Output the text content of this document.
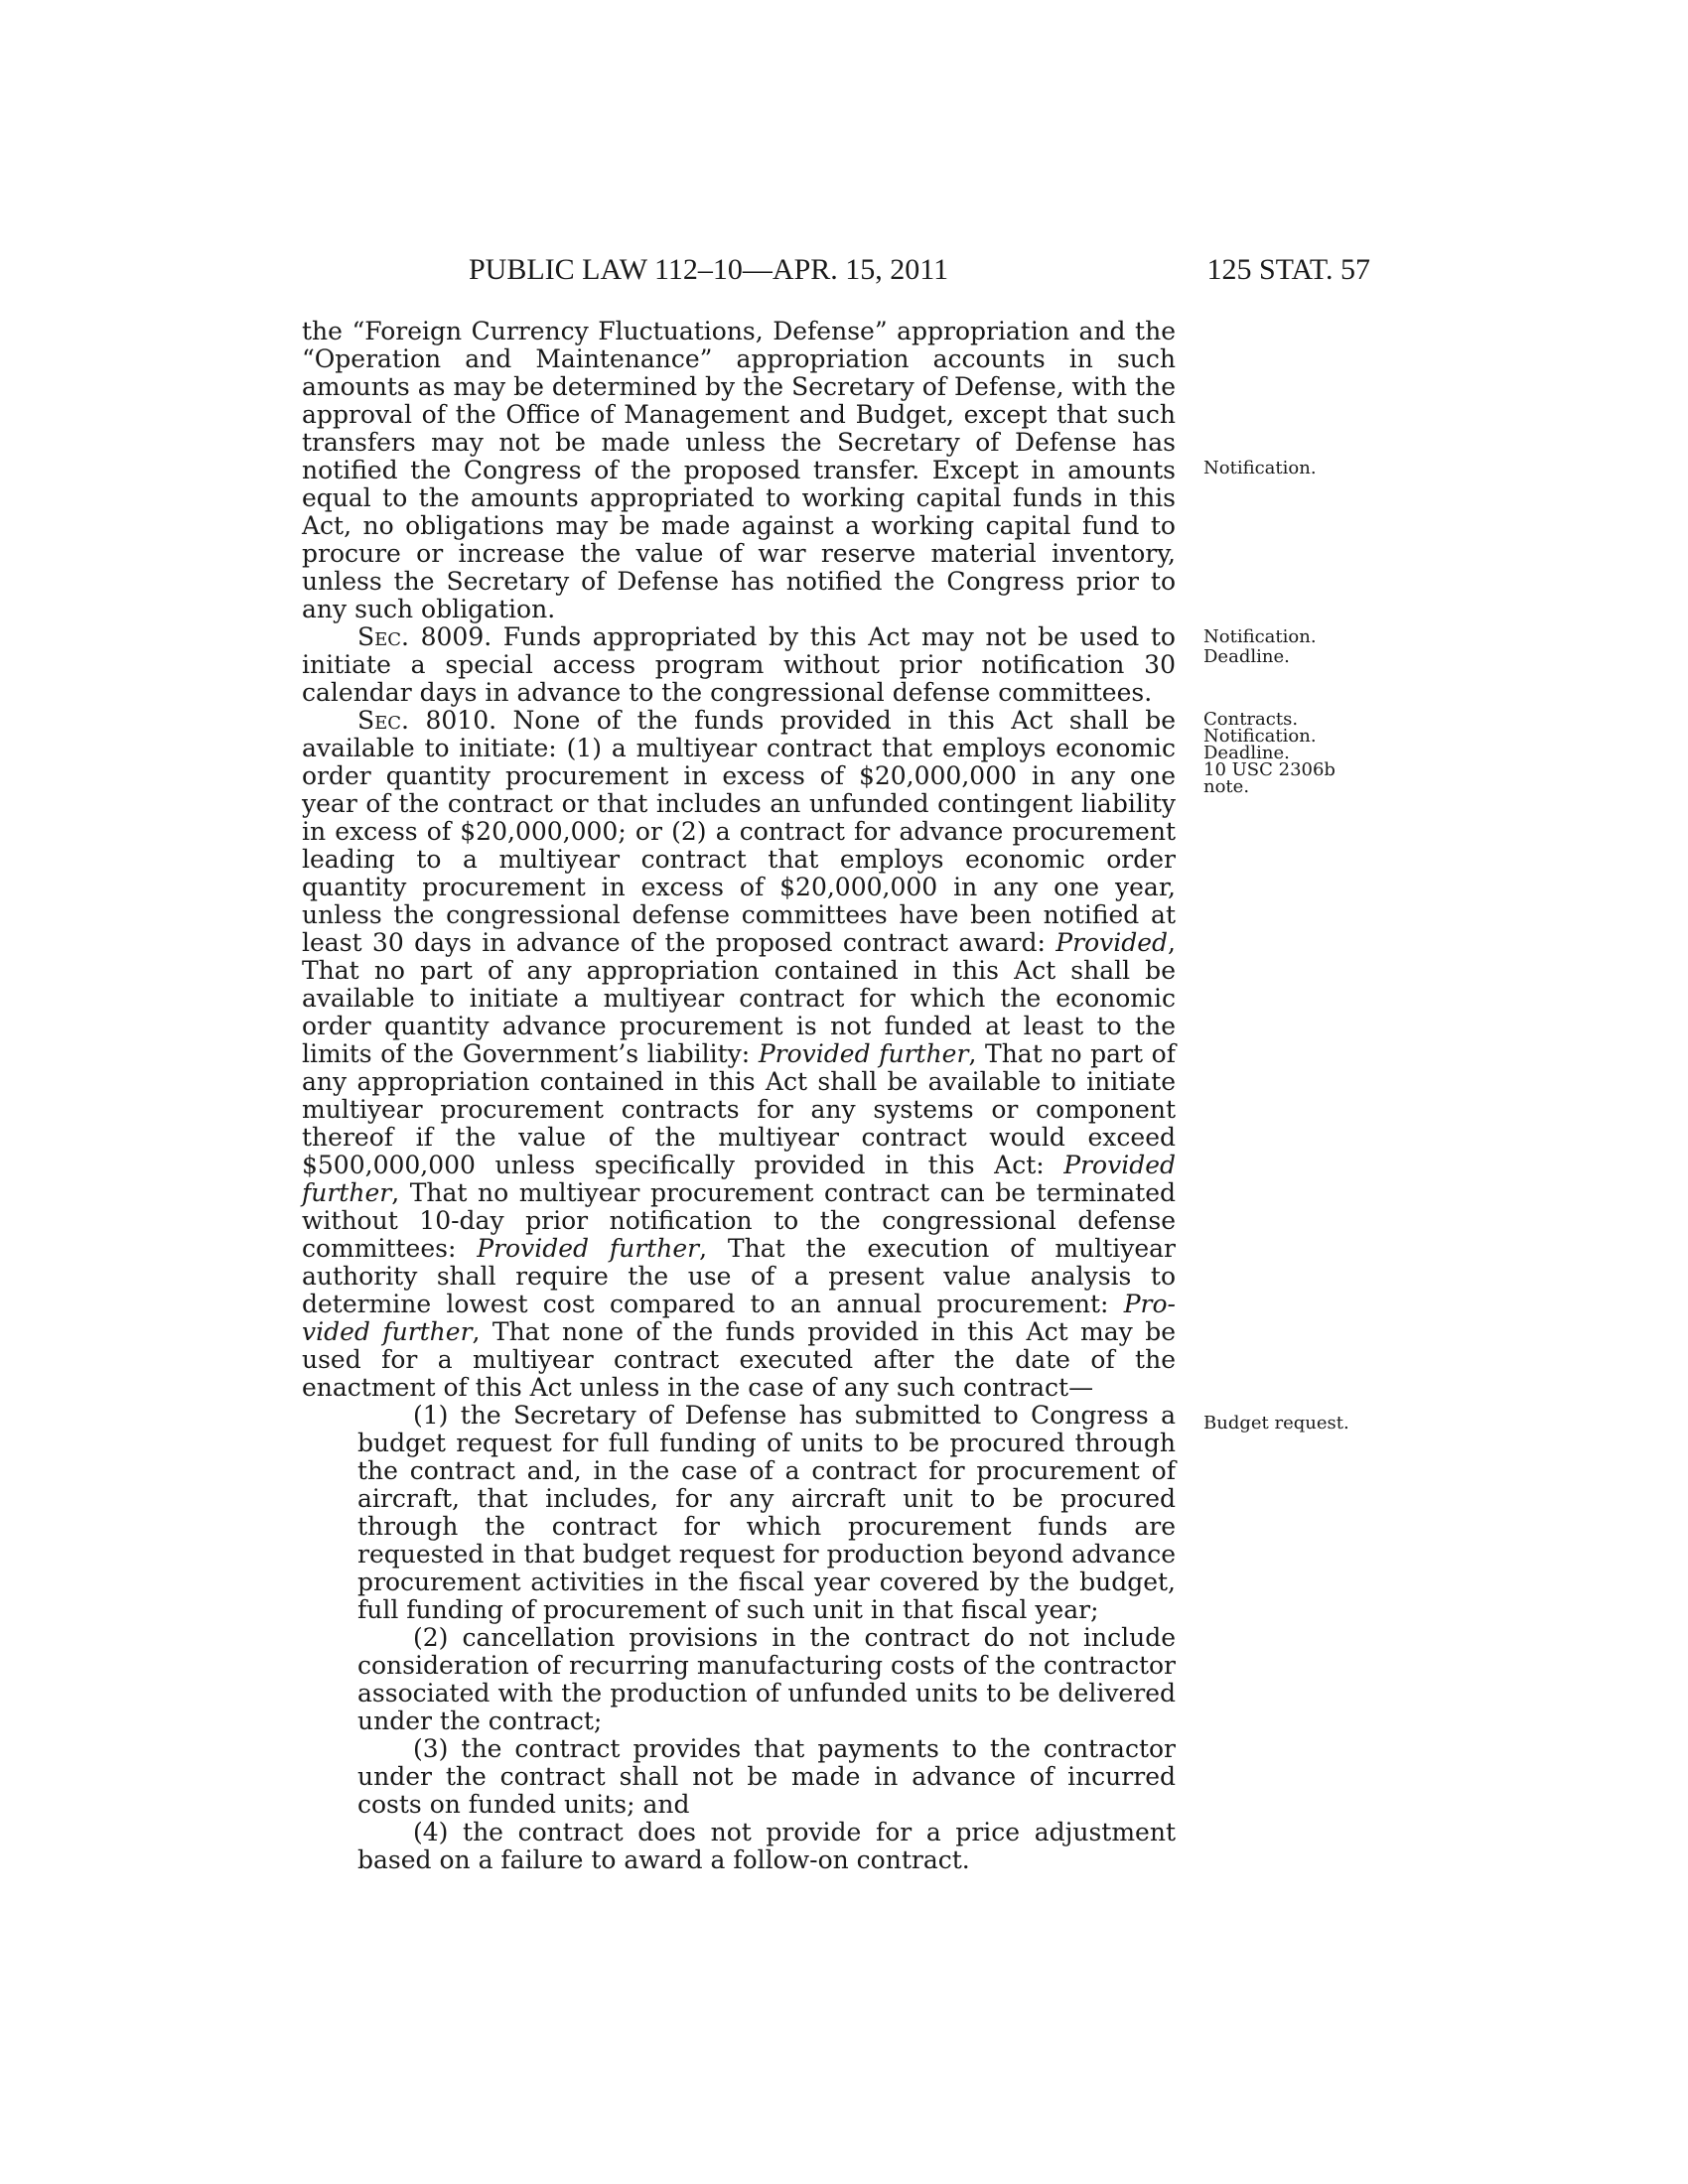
PUBLIC LAW 112–10—APR. 15, 2011	125 STAT. 57

the “Foreign Currency Fluctuations, Defense” appropriation and the “Operation and Maintenance” appropriation accounts in such amounts as may be determined by the Secretary of Defense, with the approval of the Office of Management and Budget, except that such transfers may not be made unless the Secretary of Defense has notified the Congress of the proposed transfer. Except in amounts equal to the amounts appropriated to working capital funds in this Act, no obligations may be made against a working capital fund to procure or increase the value of war reserve material inventory, unless the Secretary of Defense has notified the Congress prior to any such obligation.

Sec. 8009. Funds appropriated by this Act may not be used to initiate a special access program without prior notification 30 calendar days in advance to the congressional defense committees.

Sec. 8010. None of the funds provided in this Act shall be available to initiate: (1) a multiyear contract that employs economic order quantity procurement in excess of $20,000,000 in any one year of the contract or that includes an unfunded contingent liability in excess of $20,000,000; or (2) a contract for advance procurement leading to a multiyear contract that employs economic order quantity procurement in excess of $20,000,000 in any one year, unless the congressional defense committees have been notified at least 30 days in advance of the proposed contract award: Provided, That no part of any appropriation contained in this Act shall be available to initiate a multiyear contract for which the economic order quantity advance procurement is not funded at least to the limits of the Government’s liability: Provided further, That no part of any appropriation contained in this Act shall be available to initiate multiyear procurement contracts for any systems or component thereof if the value of the multiyear contract would exceed $500,000,000 unless specifically provided in this Act: Provided further, That no multiyear procurement contract can be terminated without 10-day prior notification to the congressional defense committees: Provided further, That the execution of multiyear authority shall require the use of a present value analysis to determine lowest cost compared to an annual procurement: Provided further, That none of the funds provided in this Act may be used for a multiyear contract executed after the date of the enactment of this Act unless in the case of any such contract—

(1) the Secretary of Defense has submitted to Congress a budget request for full funding of units to be procured through the contract and, in the case of a contract for procurement of aircraft, that includes, for any aircraft unit to be procured through the contract for which procurement funds are requested in that budget request for production beyond advance procurement activities in the fiscal year covered by the budget, full funding of procurement of such unit in that fiscal year;

(2) cancellation provisions in the contract do not include consideration of recurring manufacturing costs of the contractor associated with the production of unfunded units to be delivered under the contract;

(3) the contract provides that payments to the contractor under the contract shall not be made in advance of incurred costs on funded units; and

(4) the contract does not provide for a price adjustment based on a failure to award a follow-on contract.

Notification.
Notification.
Deadline.
Contracts.
Notification.
Deadline.
10 USC 2306b
note.
Budget request.
